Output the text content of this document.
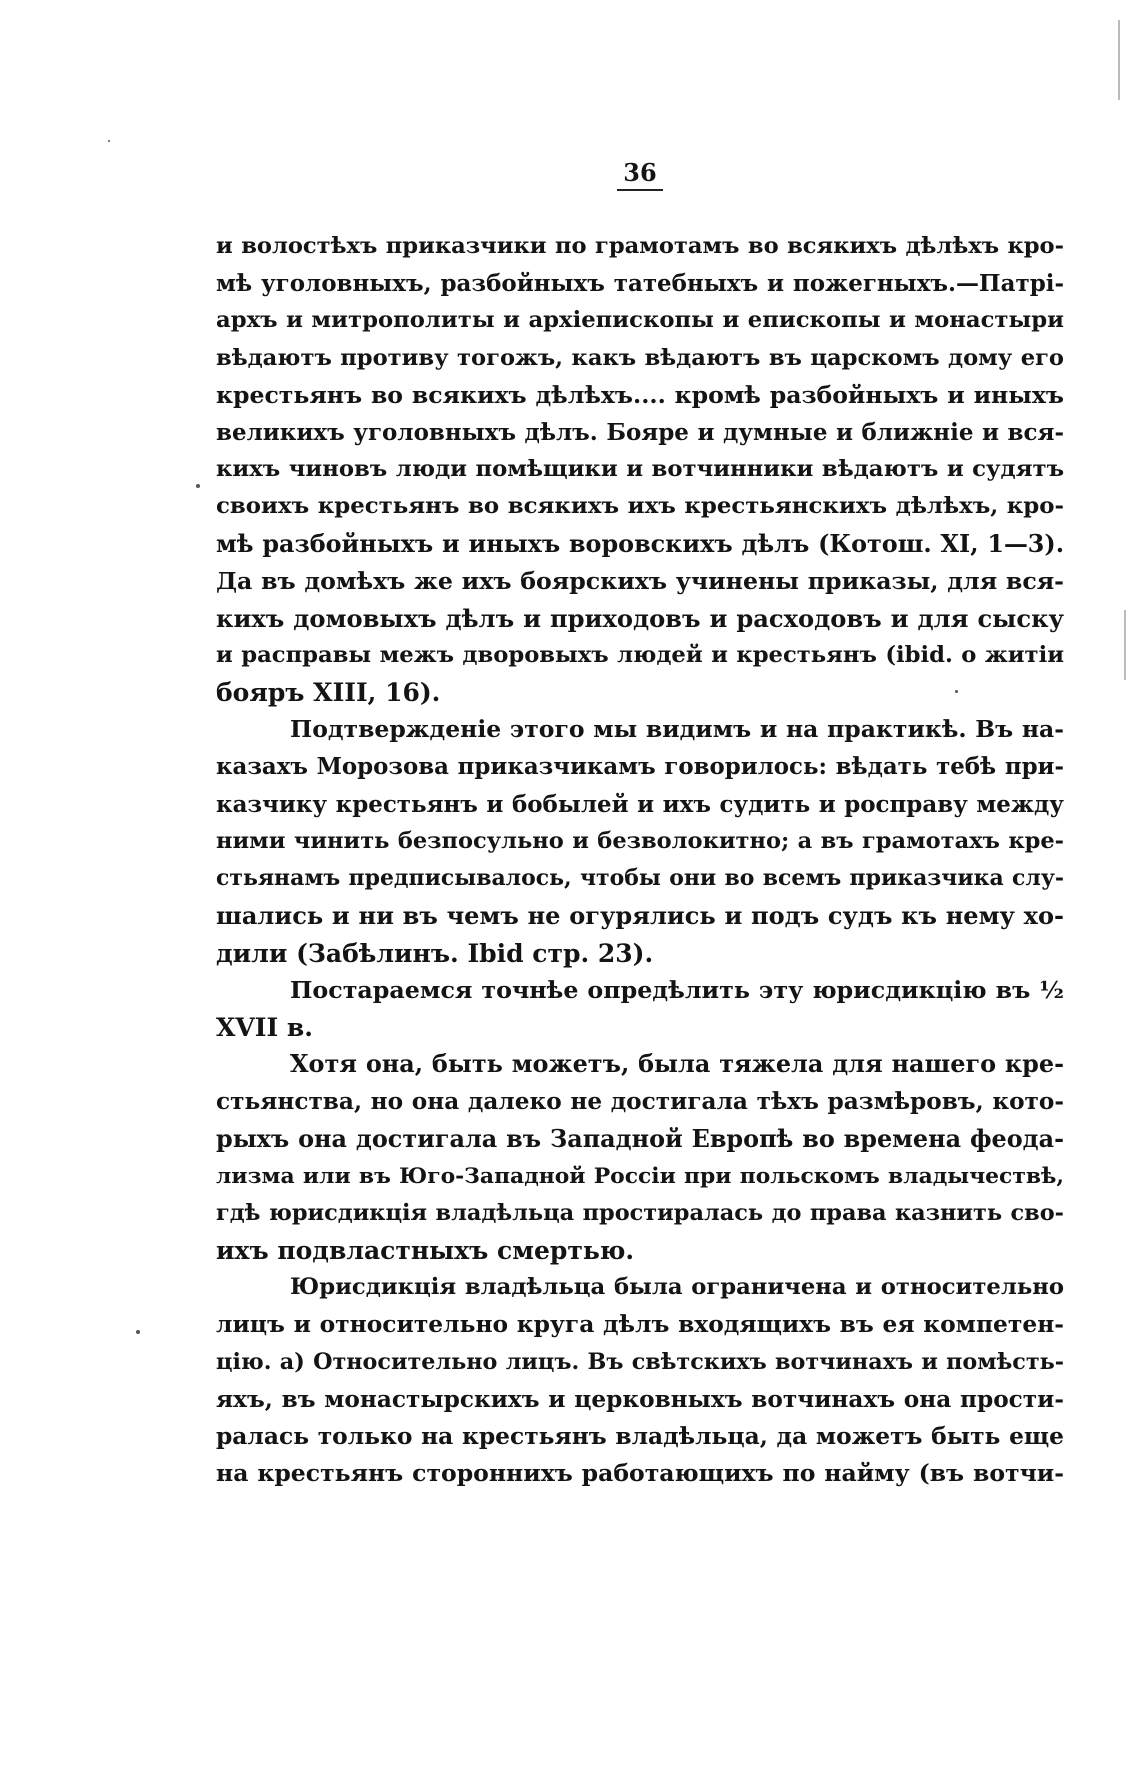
36
и волостѣхъ приказчики по грамотамъ во всякихъ дѣлѣхъ кро-
мѣ уголовныхъ, разбойныхъ татебныхъ и пожегныхъ.—Патрі-
архъ и митрополиты и архіепископы и епископы и монастыри
вѣдаютъ противу тогожъ, какъ вѣдаютъ въ царскомъ дому его
крестьянъ во всякихъ дѣлѣхъ.... кромѣ разбойныхъ и иныхъ
великихъ уголовныхъ дѣлъ. Бояре и думные и ближніе и вся-
кихъ чиновъ люди помѣщики и вотчинники вѣдаютъ и судятъ
своихъ крестьянъ во всякихъ ихъ крестьянскихъ дѣлѣхъ, кро-
мѣ разбойныхъ и иныхъ воровскихъ дѣлъ (Котош. XI, 1—3).
Да въ домѣхъ же ихъ боярскихъ учинены приказы, для вся-
кихъ домовыхъ дѣлъ и приходовъ и расходовъ и для сыску
и расправы межъ дворовыхъ людей и крестьянъ (ibid. о житіи
бояръ XIII, 16).
Подтвержденіе этого мы видимъ и на практикѣ. Въ на-
казахъ Морозова приказчикамъ говорилось: вѣдать тебѣ при-
казчику крестьянъ и бобылей и ихъ судить и росправу между
ними чинить безпосульно и безволокитно; а въ грамотахъ кре-
стьянамъ предписывалось, чтобы они во всемъ приказчика слу-
шались и ни въ чемъ не огурялись и подъ судъ къ нему хо-
дили (Забѣлинъ. Ibid стр. 23).
Постараемся точнѣе опредѣлить эту юрисдикцію въ ½
XVII в.
Хотя она, быть можетъ, была тяжела для нашего кре-
стьянства, но она далеко не достигала тѣхъ размѣровъ, кото-
рыхъ она достигала въ Западной Европѣ во времена феода-
лизма или въ Юго-Западной Россіи при польскомъ владычествѣ,
гдѣ юрисдикція владѣльца простиралась до права казнить сво-
ихъ подвластныхъ смертью.
Юрисдикція владѣльца была ограничена и относительно
лицъ и относительно круга дѣлъ входящихъ въ ея компетен-
цію. а) Относительно лицъ. Въ свѣтскихъ вотчинахъ и помѣсть-
яхъ, въ монастырскихъ и церковныхъ вотчинахъ она прости-
ралась только на крестьянъ владѣльца, да можетъ быть еще
на крестьянъ стороннихъ работающихъ по найму (въ вотчи-
